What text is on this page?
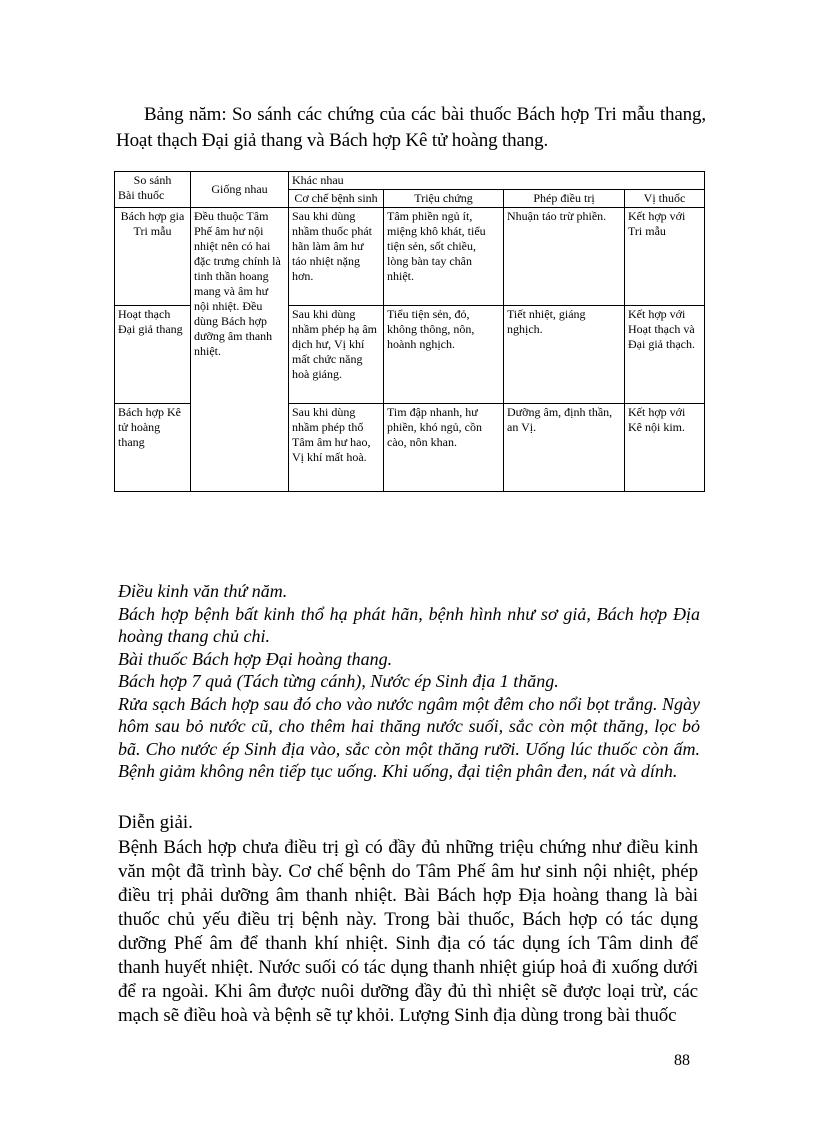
Bảng năm: So sánh các chứng của các bài thuốc Bách hợp Tri mẫu thang, Hoạt thạch Đại giả thang và Bách hợp Kê tử hoàng thang.
So sánh
Bài thuốc	Giống nhau	Khác nhau			
		Cơ chế bệnh sinh	Triệu chứng	Phép điều trị	Vị thuốc
Bách hợp gia Tri mẫu	Đều thuộc Tâm Phế âm hư nội nhiệt nên có hai đặc trưng chính là tinh thần hoang mang và âm hư nội nhiệt. Đều dùng Bách hợp dưỡng âm thanh nhiệt.	Sau khi dùng nhầm thuốc phát hãn làm âm hư táo nhiệt nặng hơn.	Tâm phiền ngủ ít, miệng khô khát, tiểu tiện sẻn, sốt chiều, lòng bàn tay chân nhiệt.	Nhuận táo trừ phiền.	Kết hợp với Tri mẫu
Hoạt thạch Đại giả thang		Sau khi dùng nhầm phép hạ âm dịch hư, Vị khí mất chức năng hoà giáng.	Tiểu tiện sẻn, đỏ, không thông, nôn, hoành nghịch.	Tiết nhiệt, giáng nghịch.	Kết hợp với Hoạt thạch và Đại giả thạch.
Bách hợp Kê tử hoàng thang		Sau khi dùng nhầm phép thổ Tâm âm hư hao, Vị khí mất hoà.	Tim đập nhanh, hư phiền, khó ngủ, cồn cào, nôn khan.	Dưỡng âm, định thần, an Vị.	Kết hợp với Kê nội kim.

Điều kinh văn thứ năm.

Bách hợp bệnh bất kinh thổ hạ phát hãn, bệnh hình như sơ giả, Bách hợp Địa hoàng thang chủ chi.

Bài thuốc Bách hợp Đại hoàng thang.

Bách hợp 7 quả (Tách từng cánh), Nước ép Sinh địa 1 thăng.

Rửa sạch Bách hợp sau đó cho vào nước ngâm một đêm cho nổi bọt trắng. Ngày hôm sau bỏ nước cũ, cho thêm hai thăng nước suối, sắc còn một thăng, lọc bỏ bã. Cho nước ép Sinh địa vào, sắc còn một thăng rưỡi. Uống lúc thuốc còn ấm. Bệnh giảm không nên tiếp tục uống. Khi uống, đại tiện phân đen, nát và dính.

Diễn giải.
Bệnh Bách hợp chưa điều trị gì có đầy đủ những triệu chứng như điều kinh văn một đã trình bày. Cơ chế bệnh do Tâm Phế âm hư sinh nội nhiệt, phép điều trị phải dưỡng âm thanh nhiệt. Bài Bách hợp Địa hoàng thang là bài thuốc chủ yếu điều trị bệnh này. Trong bài thuốc, Bách hợp có tác dụng dưỡng Phế âm để thanh khí nhiệt. Sinh địa có tác dụng ích Tâm dinh để thanh huyết nhiệt. Nước suối có tác dụng thanh nhiệt giúp hoả đi xuống dưới để ra ngoài. Khi âm được nuôi dưỡng đầy đủ thì nhiệt sẽ được loại trừ, các mạch sẽ điều hoà và bệnh sẽ tự khỏi. Lượng Sinh địa dùng trong bài thuốc
88
